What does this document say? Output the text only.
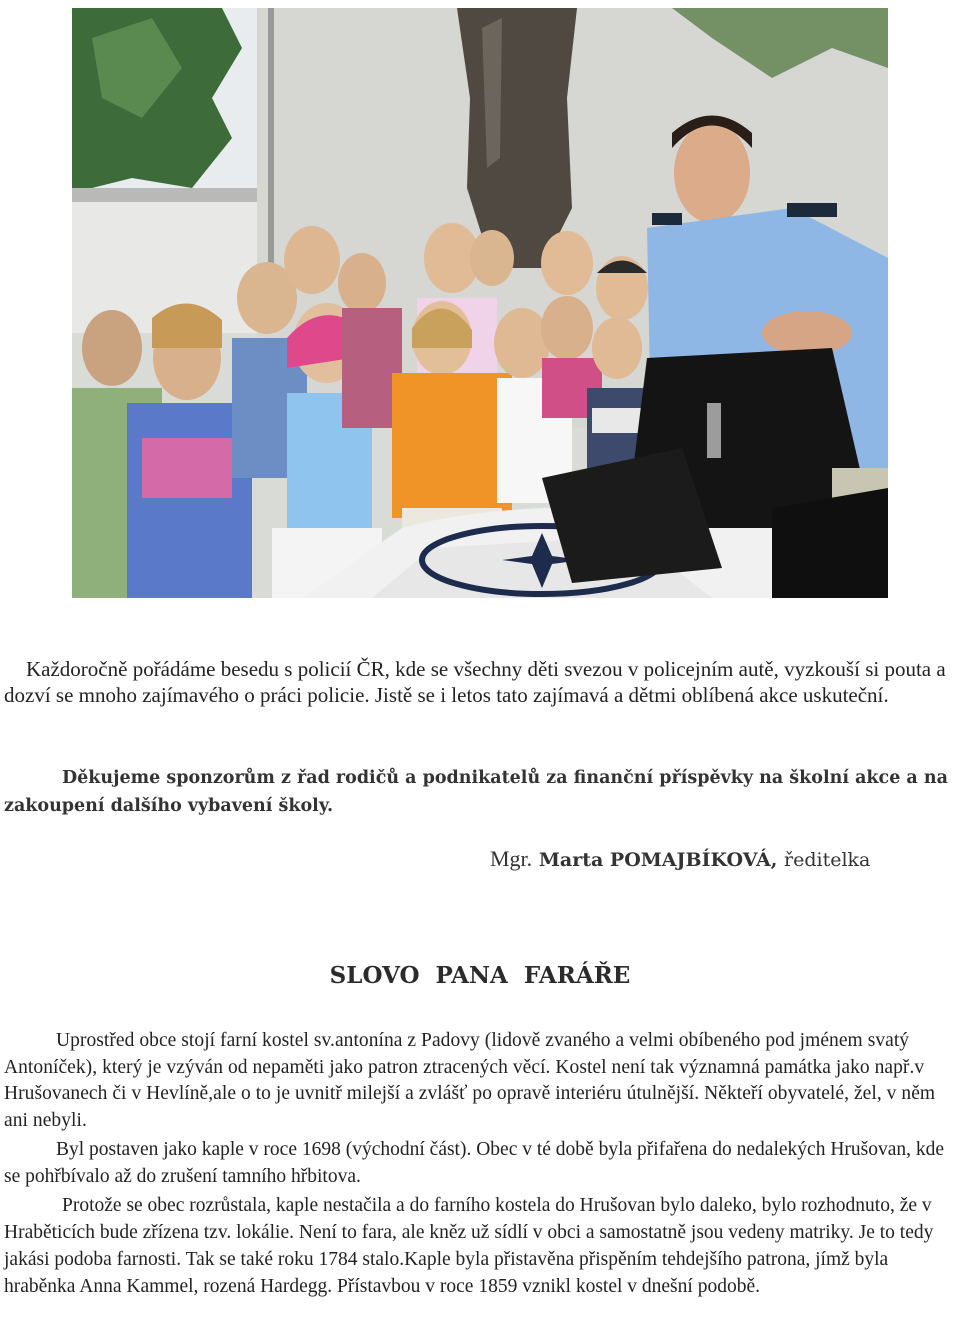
Každoročně pořádáme besedu s policií ČR, kde se všechny děti svezou v policejním autě, vyzkouší si pouta a dozví se mnoho zajímavého o práci policie. Jistě se i letos tato zajímavá a dětmi oblíbená akce uskuteční.

Děkujeme sponzorům z řad rodičů a podnikatelů za finanční příspěvky na školní akce a na zakoupení dalšího vybavení školy.

Mgr. Marta POMAJBÍKOVÁ, ředitelka
SLOVO  PANA  FARÁŘE

Uprostřed obce stojí farní kostel sv.antonína z Padovy (lidově zvaného a velmi obíbeného pod jménem svatý Antoníček), který je vzýván od nepaměti jako patron ztracených věcí. Kostel není tak významná památka jako např.v Hrušovanech či v Hevlíně,ale o to je uvnitř milejší a zvlášť po opravě interiéru útulnější. Někteří obyvatelé, žel, v něm ani nebyli.

Byl postaven jako kaple v roce 1698 (východní část). Obec v té době byla přifařena do nedalekých Hrušovan, kde se pohřbívalo až do zrušení tamního hřbitova.

Protože se obec rozrůstala, kaple nestačila a do farního kostela do Hrušovan bylo daleko, bylo rozhodnuto, že v Hraběticích bude zřízena tzv. lokálie. Není to fara, ale kněz už sídlí v obci a samostatně jsou vedeny matriky. Je to tedy jakási podoba farnosti. Tak se také roku 1784 stalo.Kaple byla přistavěna přispěním tehdejšího patrona, jímž byla hraběnka Anna Kammel, rozená Hardegg. Přístavbou v roce 1859 vznikl kostel v dnešní podobě.
